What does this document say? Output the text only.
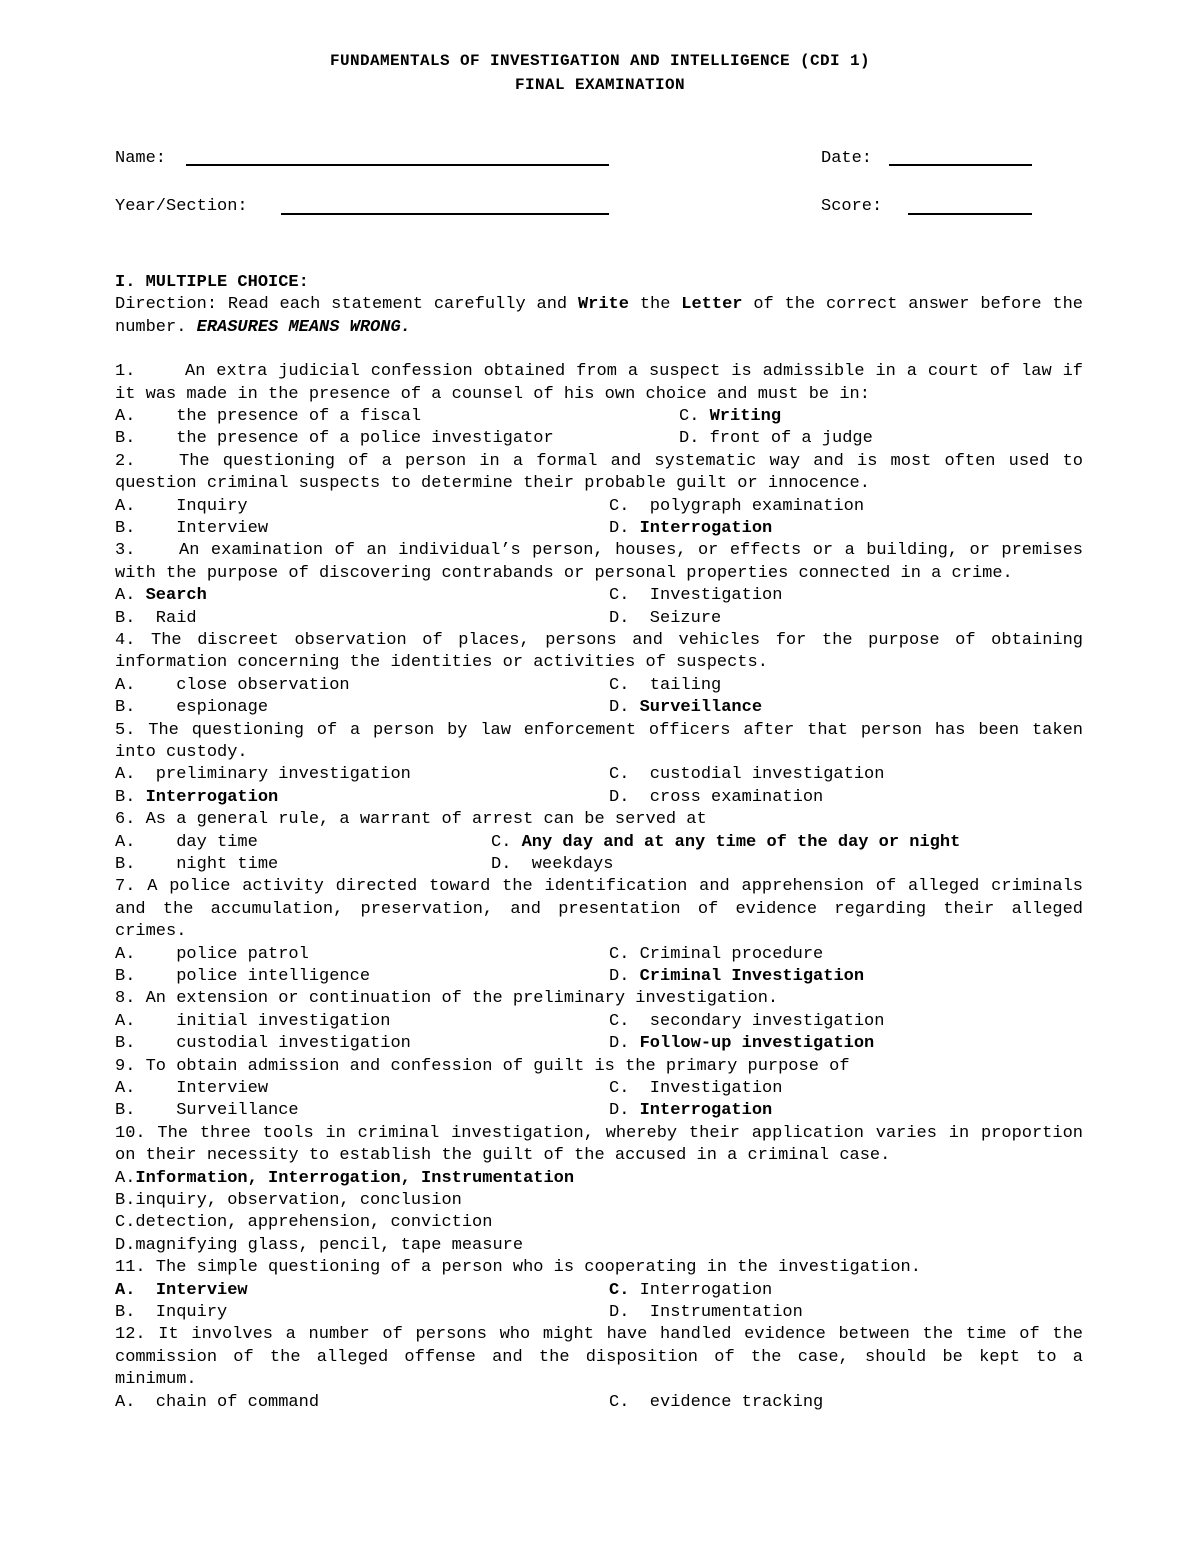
FUNDAMENTALS OF INVESTIGATION AND INTELLIGENCE (CDI 1)
FINAL EXAMINATION
Name:	Date:
Year/Section:	Score:
I. MULTIPLE CHOICE:
Direction: Read each statement carefully and Write the Letter of the correct answer before the number. ERASURES MEANS WRONG.
1.	An extra judicial confession obtained from a suspect is admissible in a court of law if it was made in the presence of a counsel of his own choice and must be in:
A.    the presence of a fiscal	C. Writing
B.    the presence of a police investigator	D. front of a judge
2.	The questioning of a person in a formal and systematic way and is most often used to question criminal suspects to determine their probable guilt or innocence.
A.    Inquiry	C.  polygraph examination
B.    Interview	D. Interrogation
3.	An examination of an individual’s person, houses, or effects or a building, or premises with the purpose of discovering contrabands or personal properties connected in a crime.
A. Search	C.  Investigation
B.  Raid	D.  Seizure
4. The discreet observation of places, persons and vehicles for the purpose of obtaining information concerning the identities or activities of suspects.
A.    close observation	C.  tailing
B.    espionage	D. Surveillance
5. The questioning of a person by law enforcement officers after that person has been taken into custody.
A.  preliminary investigation	C.  custodial investigation
B. Interrogation	D.  cross examination
6. As a general rule, a warrant of arrest can be served at
A.    day time	C. Any day and at any time of the day or night
B.    night time	D.  weekdays
7. A police activity directed toward the identification and apprehension of alleged criminals and the accumulation, preservation, and presentation of evidence regarding their alleged crimes.
A.    police patrol	C. Criminal procedure
B.    police intelligence	D. Criminal Investigation
8. An extension or continuation of the preliminary investigation.
A.    initial investigation	C.  secondary investigation
B.    custodial investigation	D. Follow-up investigation
9. To obtain admission and confession of guilt is the primary purpose of
A.    Interview	C.  Investigation
B.    Surveillance	D. Interrogation
10. The three tools in criminal investigation, whereby their application varies in proportion on their necessity to establish the guilt of the accused in a criminal case.
A.Information, Interrogation, Instrumentation
B.inquiry, observation, conclusion
C.detection, apprehension, conviction
D.magnifying glass, pencil, tape measure
11. The simple questioning of a person who is cooperating in the investigation.
A.  Interview	C. Interrogation
B.  Inquiry	D.  Instrumentation
12. It involves a number of persons who might have handled evidence between the time of the commission of the alleged offense and the disposition of the case, should be kept to a minimum.
A.  chain of command	C.  evidence tracking
